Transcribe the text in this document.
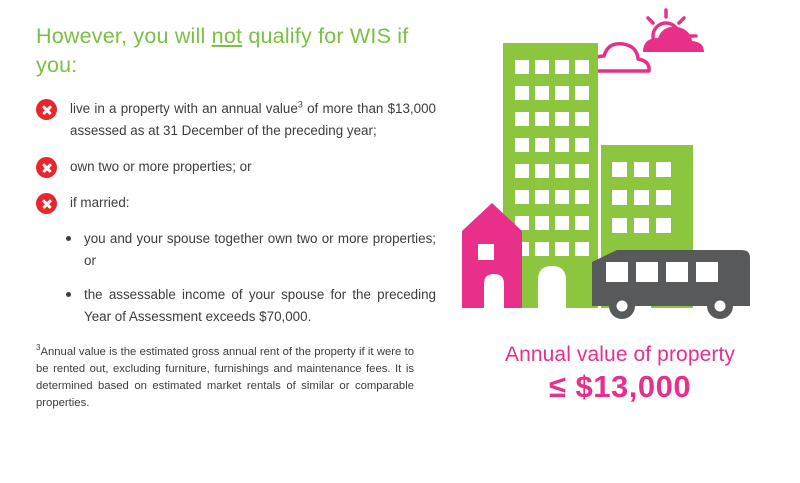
However, you will not qualify for WIS if you:
live in a property with an annual value$^3$ of more than $13,000 assessed as at 31 December of the preceding year;
own two or more properties; or
if married:
you and your spouse together own two or more properties; or
the assessable income of your spouse for the preceding Year of Assessment exceeds $70,000.
$^3$Annual value is the estimated gross annual rent of the property if it were to be rented out, excluding furniture, furnishings and maintenance fees. It is determined based on estimated market rentals of similar or comparable properties.
Annual value of property
≤ $13,000
